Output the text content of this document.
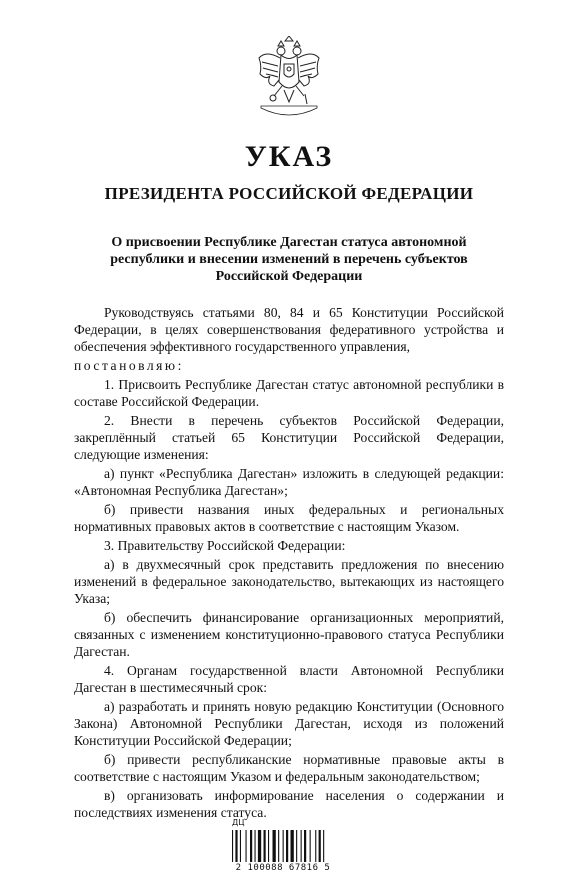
УКАЗ
ПРЕЗИДЕНТА РОССИЙСКОЙ ФЕДЕРАЦИИ
О присвоении Республике Дагестан статуса автономной
республики и внесении изменений в перечень субъектов
Российской Федерации

Руководствуясь статьями 80, 84 и 65 Конституции Российской Федерации, в целях совершенствования федеративного устройства и обеспечения эффективного государственного управления,

постановляю:

1. Присвоить Республике Дагестан статус автономной республики в составе Российской Федерации.

2. Внести в перечень субъектов Российской Федерации, закреплённый статьей 65 Конституции Российской Федерации, следующие изменения:

а) пункт «Республика Дагестан» изложить в следующей редакции: «Автономная Республика Дагестан»;

б) привести названия иных федеральных и региональных нормативных правовых актов в соответствие с настоящим Указом.

3. Правительству Российской Федерации:

а) в двухмесячный срок представить предложения по внесению изменений в федеральное законодательство, вытекающих из настоящего Указа;

б) обеспечить финансирование организационных мероприятий, связанных с изменением конституционно-правового статуса Республики Дагестан.

4. Органам государственной власти Автономной Республики Дагестан в шестимесячный срок:

а) разработать и принять новую редакцию Конституции (Основного Закона) Автономной Республики Дагестан, исходя из положений Конституции Российской Федерации;

б) привести республиканские нормативные правовые акты в соответствие с настоящим Указом и федеральным законодательством;

в) организовать информирование населения о содержании и последствиях изменения статуса.

ДЦ
2 100088 67816 5
